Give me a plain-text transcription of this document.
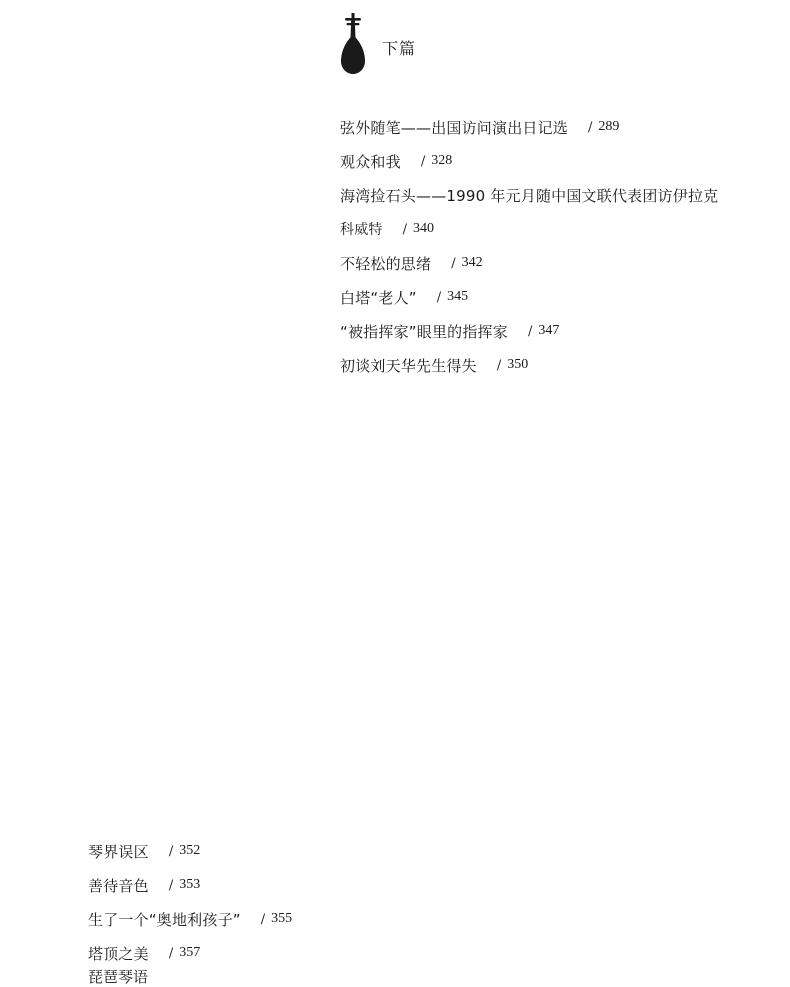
下篇
弦外随笔——出国访问演出日记选 / 289
观众和我 / 328
海湾捡石头——1990 年元月随中国文联代表团访伊拉克
科威特 / 340
不轻松的思绪 / 342
白塔“老人” / 345
“被指挥家”眼里的指挥家 / 347
初谈刘天华先生得失 / 350
琴界误区 / 352
善待音色 / 353
生了一个“奥地利孩子” / 355
塔顶之美 / 357
琵琶琴语
